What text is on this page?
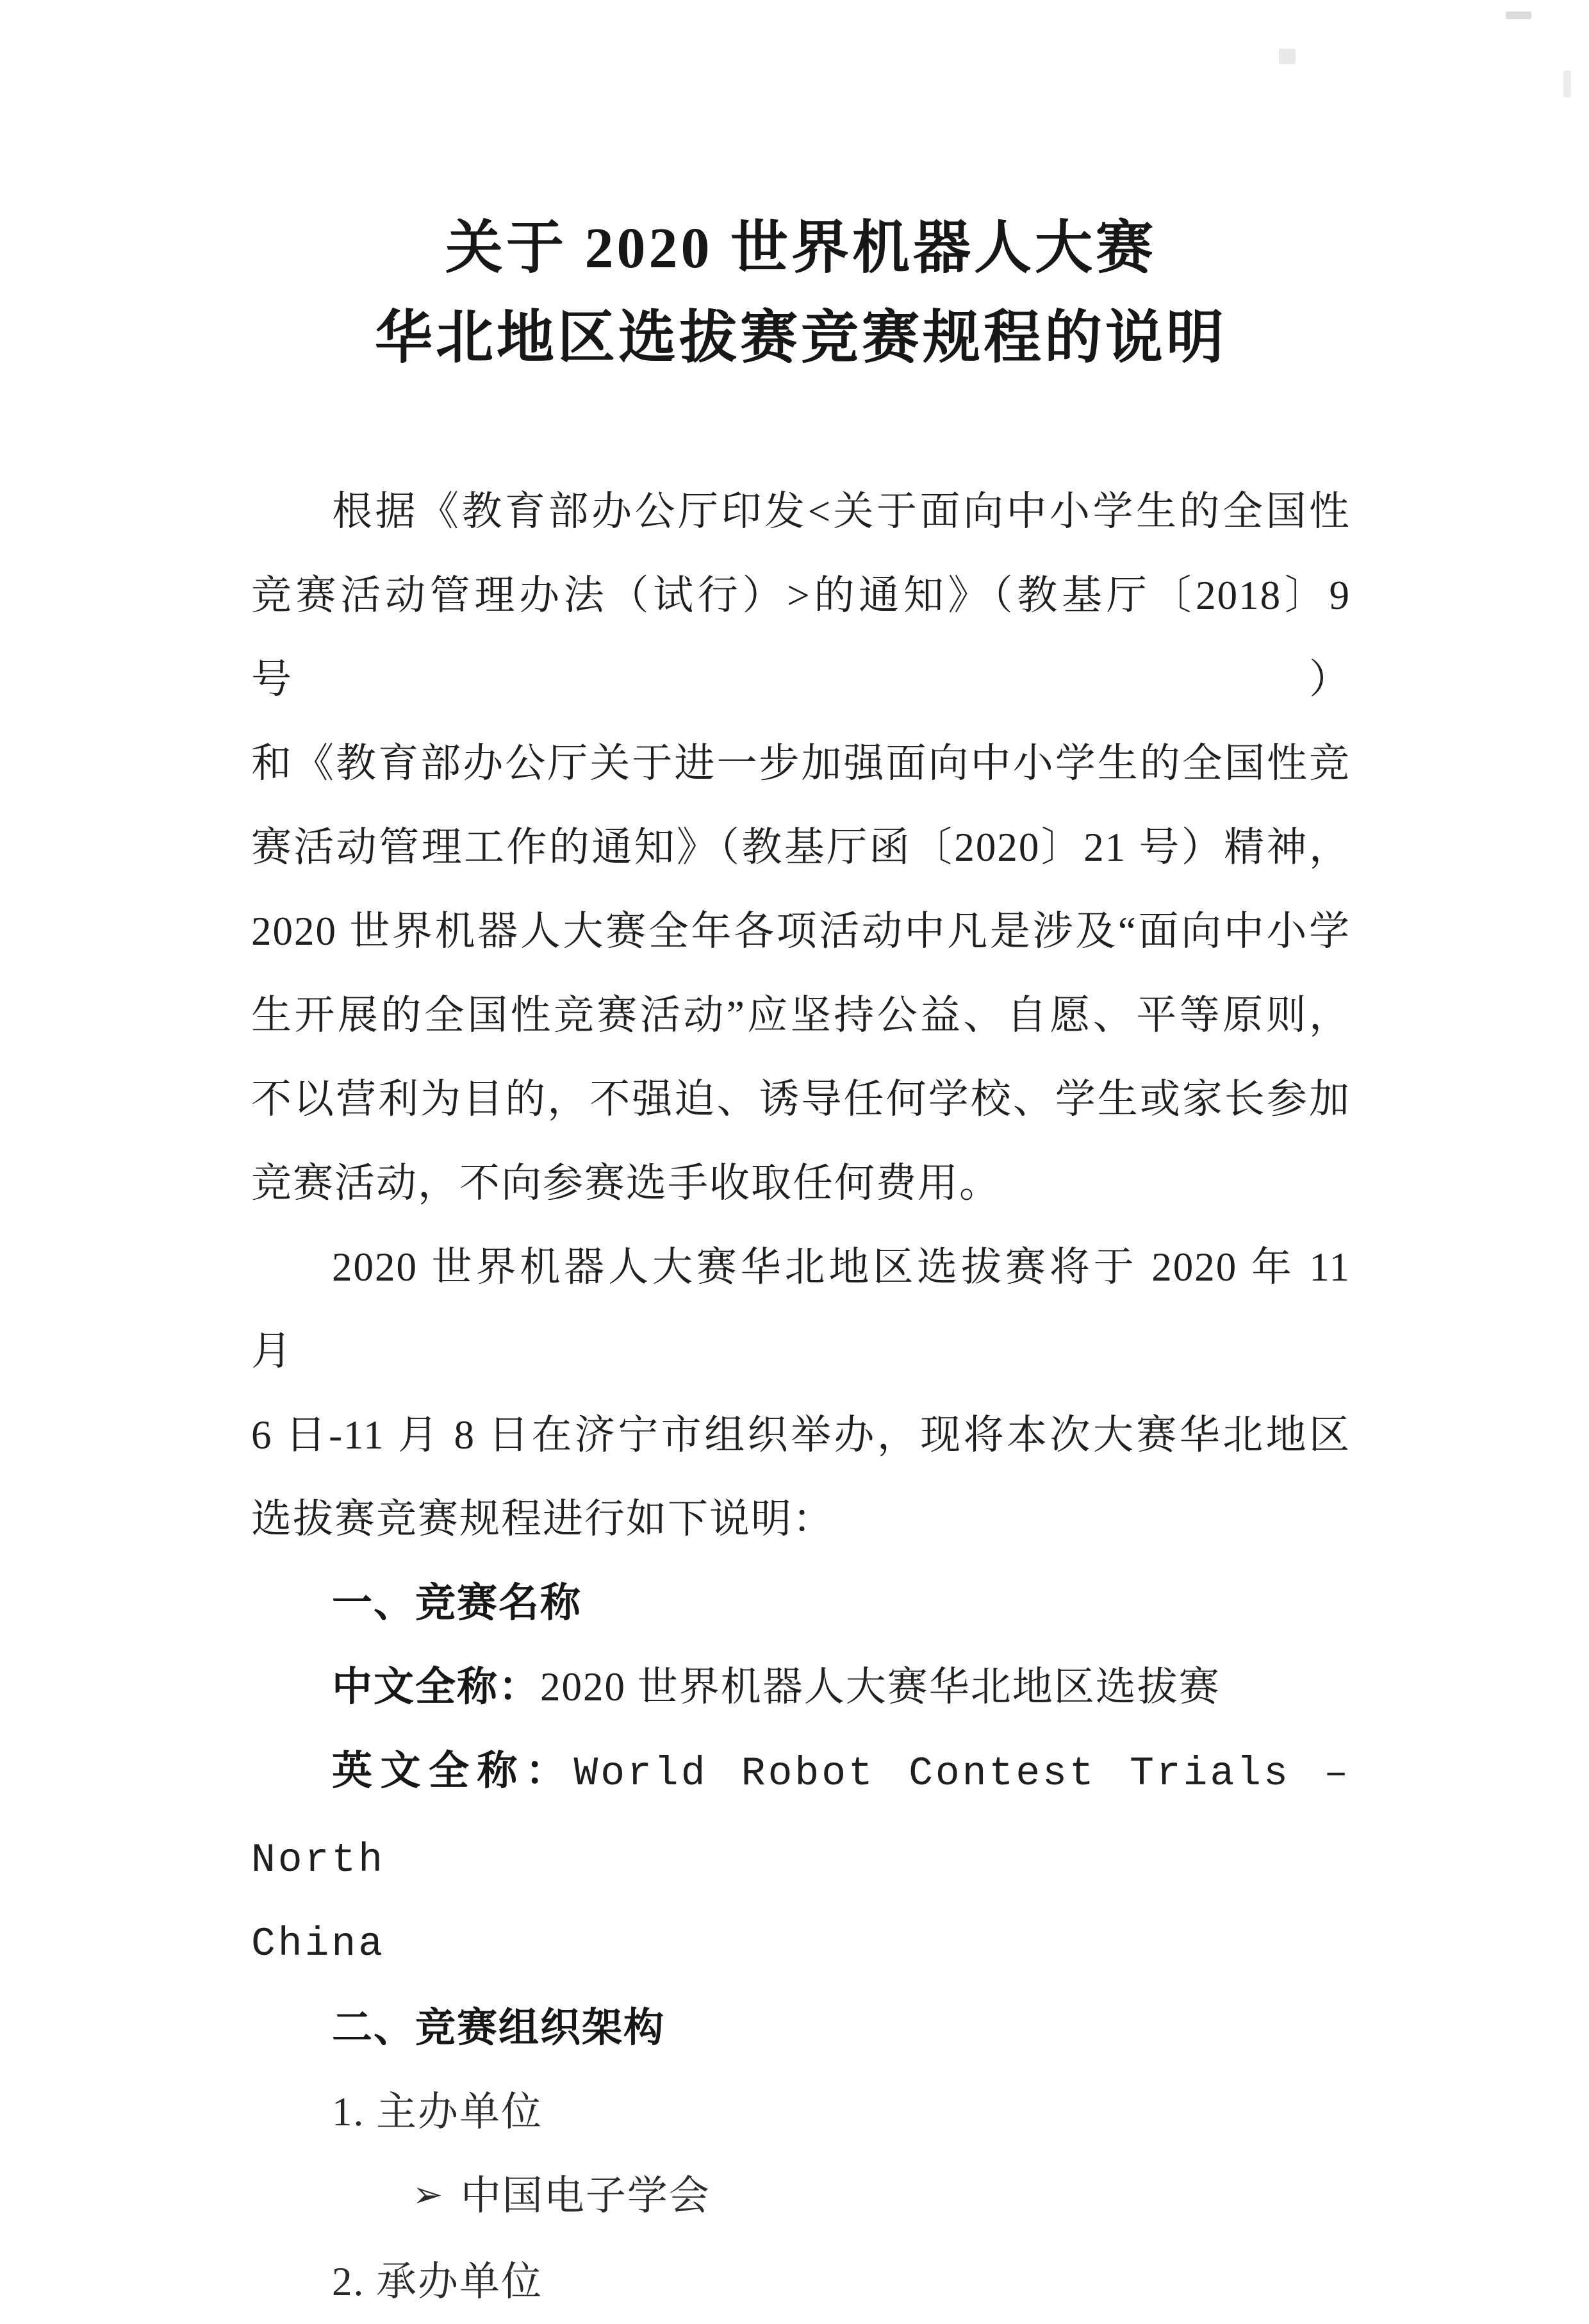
关于 2020 世界机器人大赛
华北地区选拔赛竞赛规程的说明
根据《教育部办公厅印发<关于面向中小学生的全国性
竞赛活动管理办法（试行）>的通知》（教基厅〔2018〕9 号）
和《教育部办公厅关于进一步加强面向中小学生的全国性竞
赛活动管理工作的通知》（教基厅函〔2020〕21 号）精神，
2020 世界机器人大赛全年各项活动中凡是涉及“面向中小学
生开展的全国性竞赛活动”应坚持公益、自愿、平等原则，
不以营利为目的，不强迫、诱导任何学校、学生或家长参加
竞赛活动，不向参赛选手收取任何费用。
2020 世界机器人大赛华北地区选拔赛将于 2020 年 11 月
6 日-11 月 8 日在济宁市组织举办，现将本次大赛华北地区
选拔赛竞赛规程进行如下说明：
一、竞赛名称
中文全称：2020 世界机器人大赛华北地区选拔赛
英文全称：World Robot Contest Trials – North
China
二、竞赛组织架构
1. 主办单位
➢ 中国电子学会
2. 承办单位
